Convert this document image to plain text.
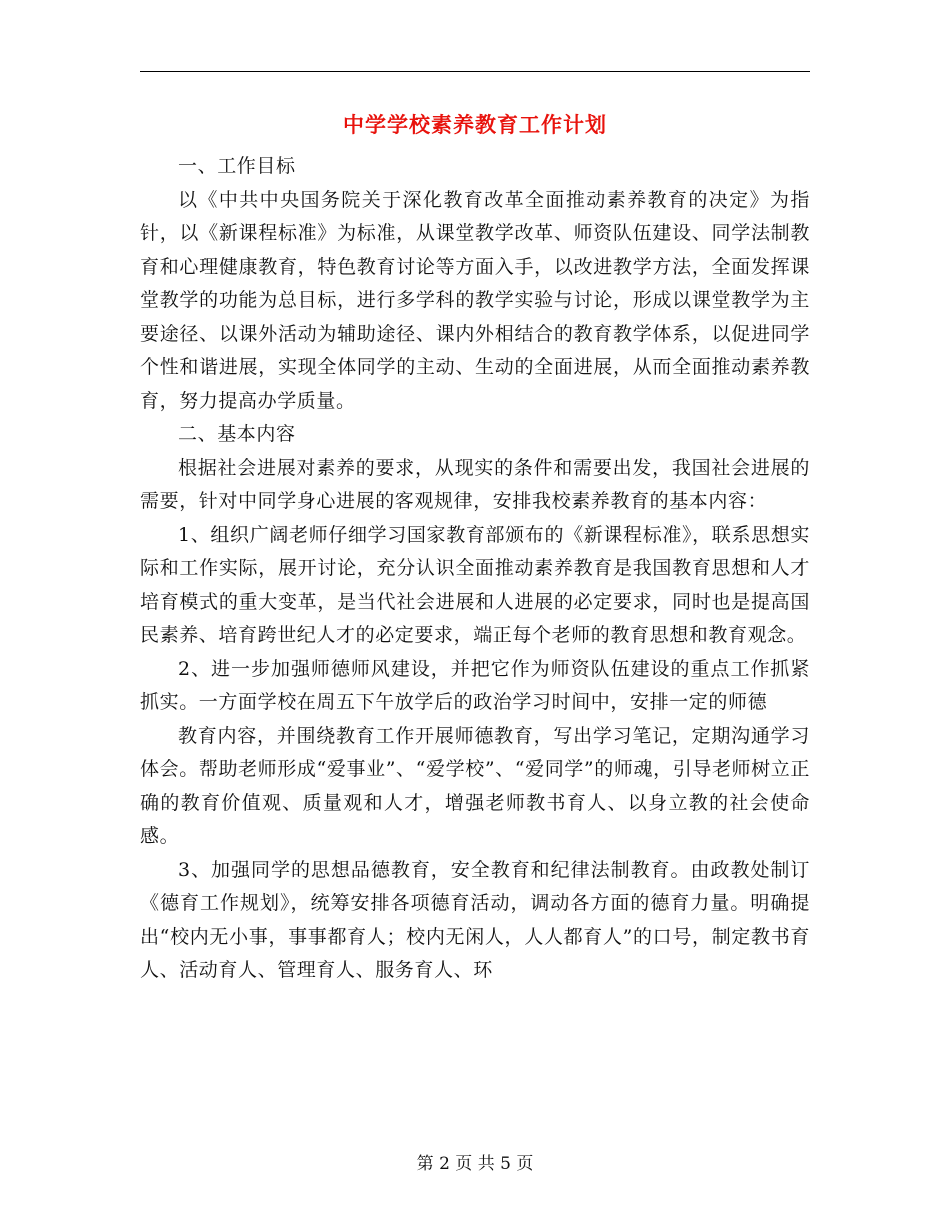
中学学校素养教育工作计划

一、工作目标

以《中共中央国务院关于深化教育改革全面推动素养教育的决定》为指针，以《新课程标准》为标准，从课堂教学改革、师资队伍建设、同学法制教育和心理健康教育，特色教育讨论等方面入手，以改进教学方法，全面发挥课堂教学的功能为总目标，进行多学科的教学实验与讨论，形成以课堂教学为主要途径、以课外活动为辅助途径、课内外相结合的教育教学体系，以促进同学个性和谐进展，实现全体同学的主动、生动的全面进展，从而全面推动素养教育，努力提高办学质量。

二、基本内容

根据社会进展对素养的要求，从现实的条件和需要出发，我国社会进展的需要，针对中同学身心进展的客观规律，安排我校素养教育的基本内容：

1、组织广阔老师仔细学习国家教育部颁布的《新课程标准》，联系思想实际和工作实际，展开讨论，充分认识全面推动素养教育是我国教育思想和人才培育模式的重大变革，是当代社会进展和人进展的必定要求，同时也是提高国民素养、培育跨世纪人才的必定要求，端正每个老师的教育思想和教育观念。

2、进一步加强师德师风建设，并把它作为师资队伍建设的重点工作抓紧抓实。一方面学校在周五下午放学后的政治学习时间中，安排一定的师德

教育内容，并围绕教育工作开展师德教育，写出学习笔记，定期沟通学习体会。帮助老师形成“爱事业”、“爱学校”、“爱同学”的师魂，引导老师树立正确的教育价值观、质量观和人才，增强老师教书育人、以身立教的社会使命感。

3、加强同学的思想品德教育，安全教育和纪律法制教育。由政教处制订《德育工作规划》，统筹安排各项德育活动，调动各方面的德育力量。明确提出“校内无小事，事事都育人；校内无闲人，人人都育人”的口号，制定教书育人、活动育人、管理育人、服务育人、环

第 2 页 共 5 页
